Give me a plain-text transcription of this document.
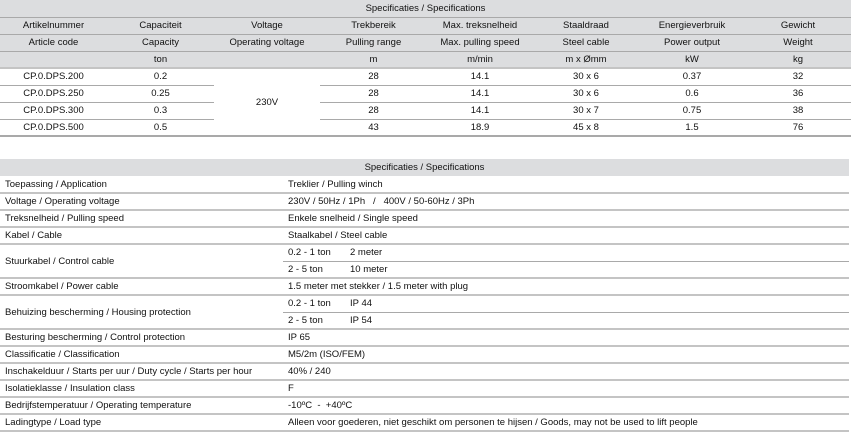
Specificaties / Specifications							
Artikelnummer	Capaciteit	Voltage	Trekbereik	Max. treksnelheid	Staaldraad	Energieverbruik	Gewicht
Article code	Capacity	Operating voltage	Pulling range	Max. pulling speed	Steel cable	Power output	Weight
	ton		m	m/min	m x Ømm	kW	kg
CP.0.DPS.200	0.2	230V	28	14.1	30 x 6	0.37	32
CP.0.DPS.250	0.25		28	14.1	30 x 6	0.6	36
CP.0.DPS.300	0.3		28	14.1	30 x 7	0.75	38
CP.0.DPS.500	0.5		43	18.9	45 x 8	1.5	76
Specificaties / Specifications	
Toepassing / Application	Treklier / Pulling winch
Voltage / Operating voltage	230V / 50Hz / 1Ph   /   400V / 50-60Hz / 3Ph
Treksnelheid / Pulling speed	Enkele snelheid / Single speed
Kabel / Cable	Staalkabel / Steel cable
Stuurkabel / Control cable	0.2 - 1 ton 2 meter
	2 - 5 ton 10 meter
Stroomkabel / Power cable	1.5 meter met stekker / 1.5 meter with plug
Behuizing bescherming / Housing protection	0.2 - 1 ton IP 44
	2 - 5 ton IP 54
Besturing bescherming / Control protection	IP 65
Classificatie / Classification	M5/2m (ISO/FEM)
Inschakelduur / Starts per uur / Duty cycle / Starts per hour	40% / 240
Isolatieklasse / Insulation class	F
Bedrijfstemperatuur / Operating temperature	-10ºC  -  +40ºC
Ladingtype / Load type	Alleen voor goederen, niet geschikt om personen te hijsen / Goods, may not be used to lift people
